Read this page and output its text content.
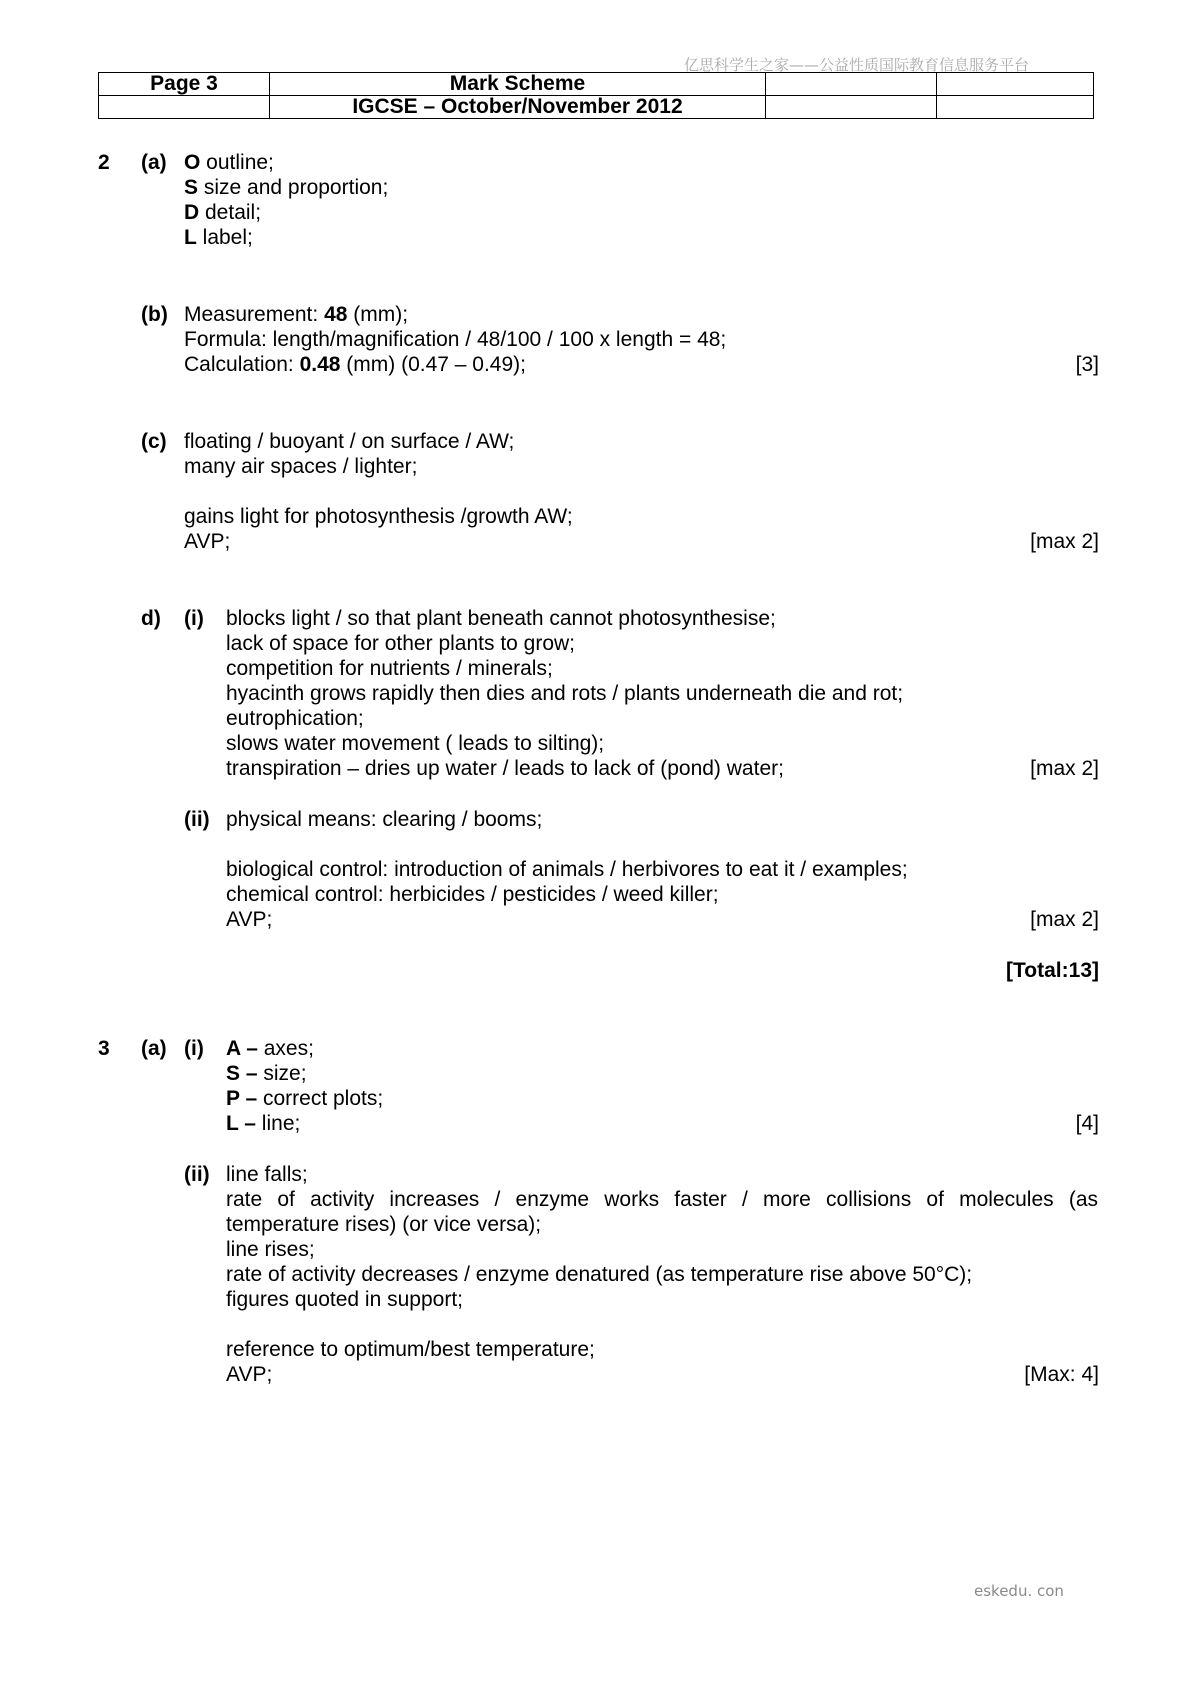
亿思科学生之家——公益性质国际教育信息服务平台
Page 3	Mark Scheme		
	IGCSE – October/November 2012		
2 (a) O outline;
S size and proportion;
D detail;
L label;
(b) Measurement: 48 (mm);
Formula: length/magnification / 48/100 / 100 x length = 48;
Calculation: 0.48 (mm) (0.47 – 0.49);	[3]
(c) floating / buoyant / on surface / AW;
many air spaces / lighter;
gains light for photosynthesis /growth AW;
AVP;	[max 2]
d) (i) blocks light / so that plant beneath cannot photosynthesise;
lack of space for other plants to grow;
competition for nutrients / minerals;
hyacinth grows rapidly then dies and rots / plants underneath die and rot;
eutrophication;
slows water movement ( leads to silting);
transpiration – dries up water / leads to lack of (pond) water;	[max 2]
(ii) physical means: clearing / booms;
biological control: introduction of animals / herbivores to eat it / examples;
chemical control: herbicides / pesticides / weed killer;
AVP;	[max 2]
[Total:13]
3 (a) (i) A – axes;
S – size;
P – correct plots;
L – line;	[4]
(ii) line falls;
rate of activity increases / enzyme works faster / more collisions of molecules (as
temperature rises) (or vice versa);
line rises;
rate of activity decreases / enzyme denatured (as temperature rise above 50°C);
figures quoted in support;
reference to optimum/best temperature;
AVP;	[Max: 4]
eskedu. con
